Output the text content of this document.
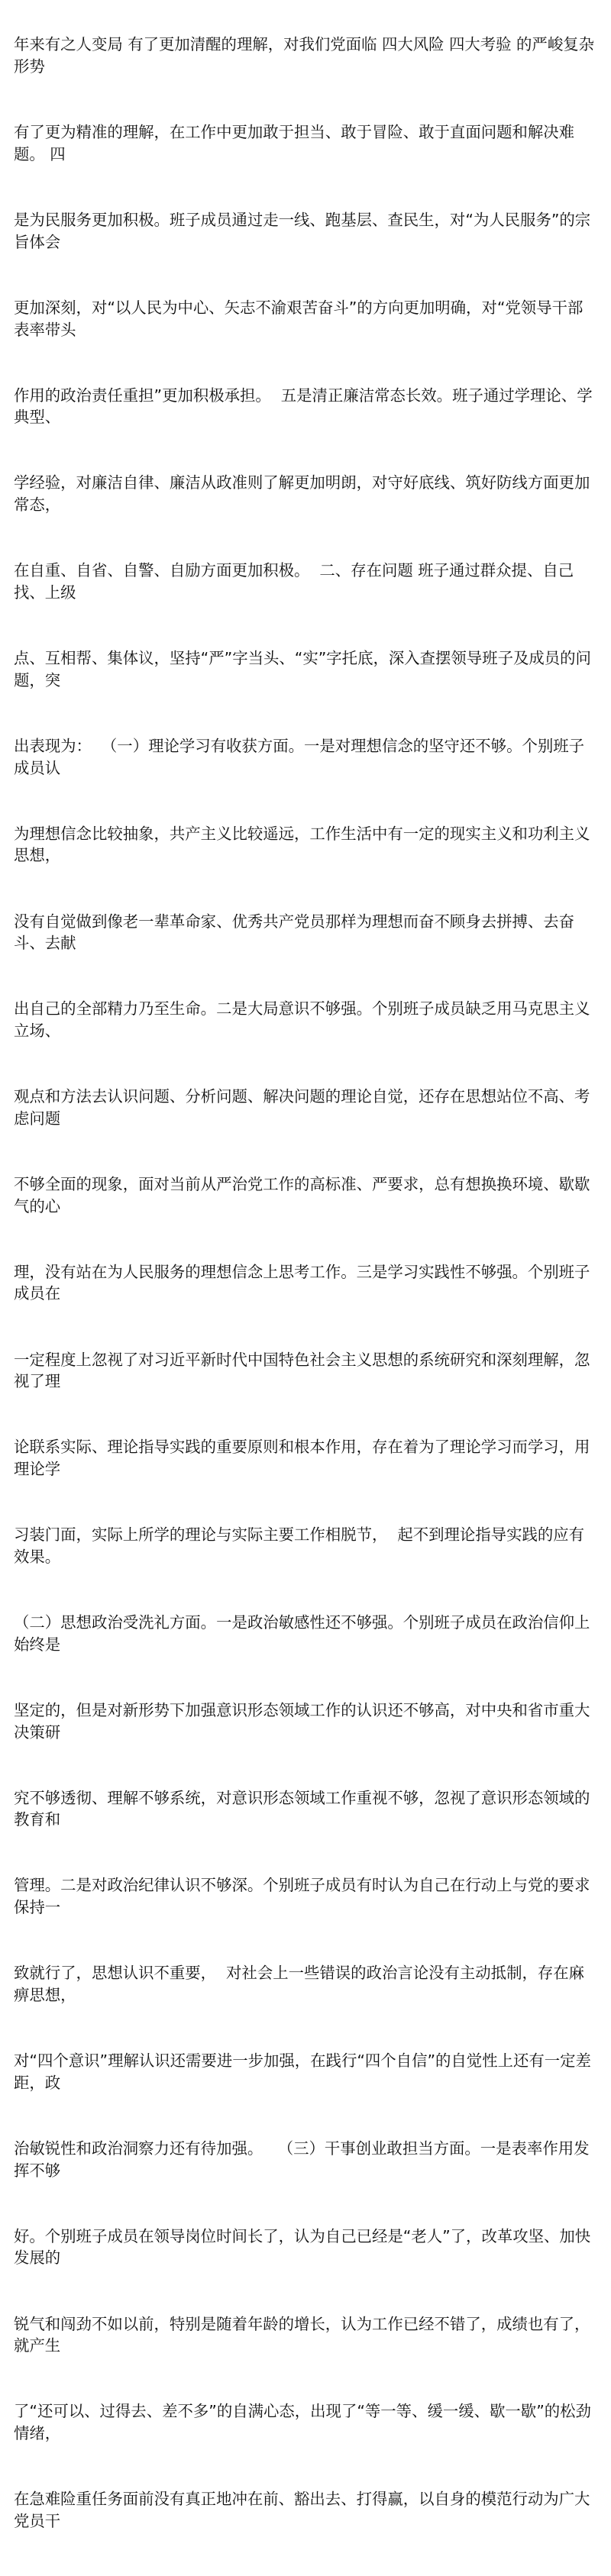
年来有之人变局 有了更加清醒的理解，对我们党面临 四大风险 四大考验 的严峻复杂形势

有了更为精准的理解，在工作中更加敢于担当、敢于冒险、敢于直面问题和解决难题。 四

是为民服务更加积极。班子成员通过走一线、跑基层、查民生，对“为人民服务”的宗旨体会

更加深刻，对“以人民为中心、矢志不渝艰苦奋斗”的方向更加明确，对“党领导干部表率带头

作用的政治责任重担”更加积极承担。  五是清正廉洁常态长效。班子通过学理论、学典型、

学经验，对廉洁自律、廉洁从政准则了解更加明朗，对守好底线、筑好防线方面更加常态，

在自重、自省、自警、自励方面更加积极。  二、存在问题 班子通过群众提、自己找、上级

点、互相帮、集体议，坚持“严”字当头、“实”字托底，深入查摆领导班子及成员的问题，突

出表现为：  （一）理论学习有收获方面。一是对理想信念的坚守还不够。个别班子成员认

为理想信念比较抽象，共产主义比较遥远，工作生活中有一定的现实主义和功利主义思想，

没有自觉做到像老一辈革命家、优秀共产党员那样为理想而奋不顾身去拼搏、去奋斗、去献

出自己的全部精力乃至生命。二是大局意识不够强。个别班子成员缺乏用马克思主义立场、

观点和方法去认识问题、分析问题、解决问题的理论自觉，还存在思想站位不高、考虑问题

不够全面的现象，面对当前从严治党工作的高标准、严要求，总有想换换环境、歇歇气的心

理，没有站在为人民服务的理想信念上思考工作。三是学习实践性不够强。个别班子成员在

一定程度上忽视了对习近平新时代中国特色社会主义思想的系统研究和深刻理解，忽视了理

论联系实际、理论指导实践的重要原则和根本作用，存在着为了理论学习而学习，用理论学

习装门面，实际上所学的理论与实际主要工作相脱节，  起不到理论指导实践的应有效果。

（二）思想政治受洗礼方面。一是政治敏感性还不够强。个别班子成员在政治信仰上始终是

坚定的，但是对新形势下加强意识形态领域工作的认识还不够高，对中央和省市重大决策研

究不够透彻、理解不够系统，对意识形态领域工作重视不够，忽视了意识形态领域的教育和

管理。二是对政治纪律认识不够深。个别班子成员有时认为自己在行动上与党的要求保持一

致就行了，思想认识不重要，  对社会上一些错误的政治言论没有主动抵制，存在麻痹思想，

对“四个意识”理解认识还需要进一步加强，在践行“四个自信”的自觉性上还有一定差距，政

治敏锐性和政治洞察力还有待加强。   （三）干事创业敢担当方面。一是表率作用发挥不够

好。个别班子成员在领导岗位时间长了，认为自己已经是“老人”了，改革攻坚、加快发展的

锐气和闯劲不如以前，特别是随着年龄的增长，认为工作已经不错了，成绩也有了，就产生

了“还可以、过得去、差不多”的自满心态，出现了“等一等、缓一缓、歇一歇”的松劲情绪，

在急难险重任务面前没有真正地冲在前、豁出去、打得赢，以自身的模范行动为广大党员干
